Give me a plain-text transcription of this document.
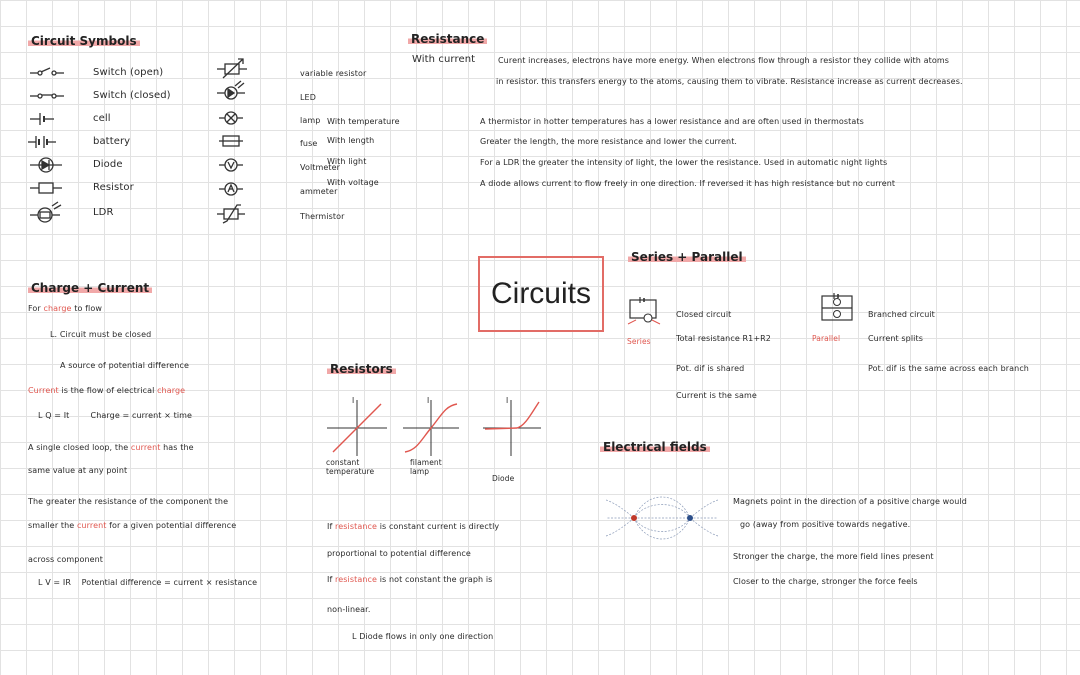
Circuit Symbols
Switch (open)
Switch (closed)
cell
battery
Diode
Resistor
LDR
variable resistor
LED
lamp
fuse
Voltmeter
ammeter
Thermistor
Resistance
With current	Curent increases, electrons have more energy. When electrons flow through a resistor they collide with atoms
in resistor. this transfers energy to the atoms, causing them to vibrate. Resistance increase as current decreases.
With temperature	A thermistor in hotter temperatures has a lower resistance and are often used in thermostats
With length	Greater the length, the more resistance and lower the current.
With light	For a LDR the greater the intensity of light, the lower the resistance. Used in automatic night lights
With voltage	A diode allows current to flow freely in one direction. If reversed it has high resistance but no current
Circuits
Charge + Current
For charge to flow
L. Circuit must be closed
A source of potential difference
Current is the flow of electrical charge
L Q = It	Charge = current × time
A single closed loop, the current has the
same value at any point
The greater the resistance of the component the
smaller the current for a given potential difference
across component
L V = IR Potential difference = current × resistance
Resistors
I	I	I
constant temperature
filament lamp
Diode
If resistance is constant current is directly
proportional to potential difference
If resistance is not constant the graph is
non-linear.
L Diode flows in only one direction
Series + Parallel
Series
Closed circuit
Total resistance R1+R2
Pot. dif is shared
Current is the same
Parallel
Branched circuit
Current splits
Pot. dif is the same across each branch
Electrical fields
Magnets point in the direction of a positive charge would
go (away from positive towards negative.
Stronger the charge, the more field lines present
Closer to the charge, stronger the force feels
